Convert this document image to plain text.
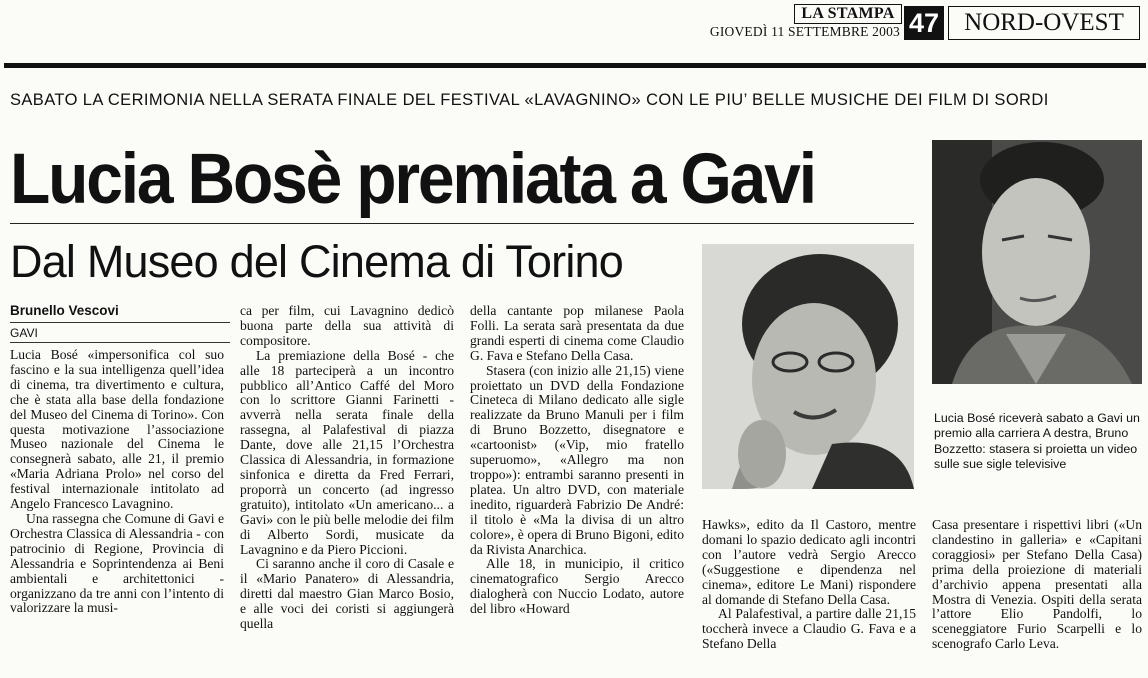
LA STAMPA
GIOVEDÌ 11 SETTEMBRE 2003 47	NORD-OVEST
SABATO LA CERIMONIA NELLA SERATA FINALE DEL FESTIVAL «LAVAGNINO» CON LE PIU’ BELLE MUSICHE DEI FILM DI SORDI
Lucia Bosè premiata a Gavi
Dal Museo del Cinema di Torino
Brunello Vescovi
GAVI

Lucia Bosé «impersonifica col suo fascino e la sua intelligenza quell’idea di cinema, tra divertimento e cultura, che è stata alla base della fondazione del Museo del Cinema di Torino». Con questa motivazione l’associazione Museo nazionale del Cinema le consegnerà sabato, alle 21, il premio «Maria Adriana Prolo» nel corso del festival internazionale intitolato ad Angelo Francesco Lavagnino.

Una rassegna che Comune di Gavi e Orchestra Classica di Alessandria - con patrocinio di Regione, Provincia di Alessandria e Soprintendenza ai Beni ambientali e architettonici - organizzano da tre anni con l’intento di valorizzare la musi-

ca per film, cui Lavagnino dedicò buona parte della sua attività di compositore.

La premiazione della Bosé - che alle 18 parteciperà a un incontro pubblico all’Antico Caffé del Moro con lo scrittore Gianni Farinetti - avverrà nella serata finale della rassegna, al Palafestival di piazza Dante, dove alle 21,15 l’Orchestra Classica di Alessandria, in formazione sinfonica e diretta da Fred Ferrari, proporrà un concerto (ad ingresso gratuito), intitolato «Un americano... a Gavi» con le più belle melodie dei film di Alberto Sordi, musicate da Lavagnino e da Piero Piccioni.

Ci saranno anche il coro di Casale e il «Mario Panatero» di Alessandria, diretti dal maestro Gian Marco Bosio, e alle voci dei coristi si aggiungerà quella

della cantante pop milanese Paola Folli. La serata sarà presentata da due grandi esperti di cinema come Claudio G. Fava e Stefano Della Casa.

Stasera (con inizio alle 21,15) viene proiettato un DVD della Fondazione Cineteca di Milano dedicato alle sigle realizzate da Bruno Manuli per i film di Bruno Bozzetto, disegnatore e «cartoonist» («Vip, mio fratello superuomo», «Allegro ma non troppo»): entrambi saranno presenti in platea. Un altro DVD, con materiale inedito, riguarderà Fabrizio De André: il titolo è «Ma la divisa di un altro colore», è opera di Bruno Bigoni, edito da Rivista Anarchica.

Alle 18, in municipio, il critico cinematografico Sergio Arecco dialogherà con Nuccio Lodato, autore del libro «Howard

Hawks», edito da Il Castoro, mentre domani lo spazio dedicato agli incontri con l’autore vedrà Sergio Arecco («Suggestione e dipendenza nel cinema», editore Le Mani) rispondere al domande di Stefano Della Casa.

Al Palafestival, a partire dalle 21,15 toccherà invece a Claudio G. Fava e a Stefano Della

Lucia Bosé riceverà sabato a Gavi un premio alla carriera A destra, Bruno Bozzetto: stasera si proietta un video sulle sue sigle televisive

Casa presentare i rispettivi libri («Un clandestino in galleria» e «Capitani coraggiosi» per Stefano Della Casa) prima della proiezione di materiali d’archivio appena presentati alla Mostra di Venezia. Ospiti della serata l’attore Elio Pandolfi, lo sceneggiatore Furio Scarpelli e lo scenografo Carlo Leva.
